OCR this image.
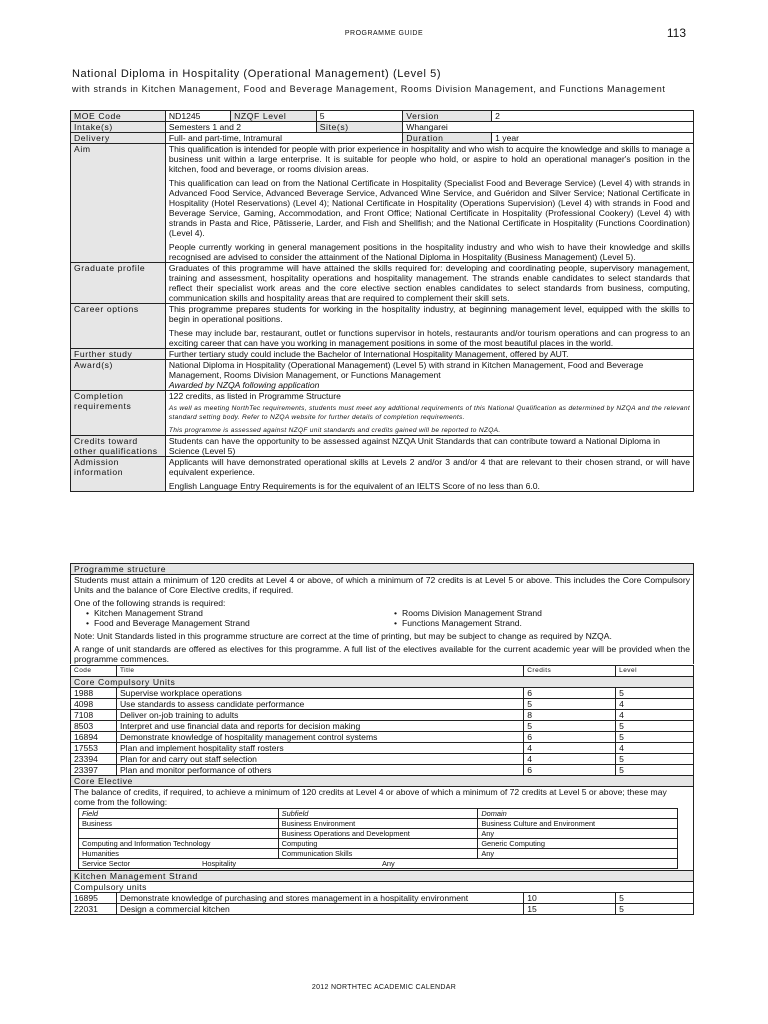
PROGRAMME GUIDE	113
National Diploma in Hospitality (Operational Management) (Level 5)
with strands in Kitchen Management, Food and Beverage Management, Rooms Division Management, and Functions Management
MOE Code	ND1245	NZQF Level	5	Version	2
Intake(s)	Semesters 1 and 2		Site(s)	Whangarei	
Delivery	Full- and part-time, Intramural			Duration	1 year
Aim	This qualification is intended for people with prior experience in hospitality and who wish to acquire the knowledge and skills to manage a business unit within a large enterprise. It is suitable for people who hold, or aspire to hold an operational manager's position in the kitchen, food and beverage, or rooms division areas.

This qualification can lead on from the National Certificate in Hospitality (Specialist Food and Beverage Service) (Level 4) with strands in Advanced Food Service, Advanced Beverage Service, Advanced Wine Service, and Guéridon and Silver Service; National Certificate in Hospitality (Hotel Reservations) (Level 4); National Certificate in Hospitality (Operations Supervision) (Level 4) with strands in Food and Beverage Service, Gaming, Accommodation, and Front Office; National Certificate in Hospitality (Professional Cookery) (Level 4) with strands in Pasta and Rice, Pâtisserie, Larder, and Fish and Shellfish; and the National Certificate in Hospitality (Functions Coordination) (Level 4).

People currently working in general management positions in the hospitality industry and who wish to have their knowledge and skills recognised are advised to consider the attainment of the National Diploma in Hospitality (Business Management) (Level 5).				

Graduate profile	Graduates of this programme will have attained the skills required for: developing and coordinating people, supervisory management, training and assessment, hospitality operations and hospitality management. The strands enable candidates to select standards that reflect their specialist work areas and the core elective section enables candidates to select standards from business, computing, communication skills and hospitality areas that are required to complement their skill sets.				
Career options	This programme prepares students for working in the hospitality industry, at beginning management level, equipped with the skills to begin in operational positions.

These may include bar, restaurant, outlet or functions supervisor in hotels, restaurants and/or tourism operations and can progress to an exciting career that can have you working in management positions in some of the most beautiful places in the world.				

Further study	Further tertiary study could include the Bachelor of International Hospitality Management, offered by AUT.				
Award(s)	National Diploma in Hospitality (Operational Management) (Level 5) with strand in Kitchen Management, Food and Beverage Management, Rooms Division Management, or Functions Management
Awarded by NZQA following application				

Completion requirements	122 credits, as listed in Programme Structure
As well as meeting NorthTec requirements, students must meet any additional requirements of this National Qualification as determined by NZQA and the relevant standard setting body. Refer to NZQA website for further details of completion requirements.
This programme is assessed against NZQF unit standards and credits gained will be reported to NZQA.				

Credits toward other qualifications	Students can have the opportunity to be assessed against NZQA Unit Standards that can contribute toward a National Diploma in Science (Level 5)				
Admission information	Applicants will have demonstrated operational skills at Levels 2 and/or 3 and/or 4 that are relevant to their chosen strand, or will have equivalent experience.

English Language Entry Requirements is for the equivalent of an IELTS Score of no less than 6.0.				

Programme structure

Students must attain a minimum of 120 credits at Level 4 or above, of which a minimum of 72 credits is at Level 5 or above. This includes the Core Compulsory Units and the balance of Core Elective credits, if required.

One of the following strands is required:

• Kitchen Management Strand
• Food and Beverage Management Strand
• Rooms Division Management Strand
• Functions Management Strand.

Note: Unit Standards listed in this programme structure are correct at the time of printing, but may be subject to change as required by NZQA.

A range of unit standards are offered as electives for this programme. A full list of the electives available for the current academic year will be provided when the programme commences.

Code	Title	Credits	Level
Core Compulsory Units
1988	Supervise workplace operations	6	5
4098	Use standards to assess candidate performance	5	4
7108	Deliver on-job training to adults	8	4
8503	Interpret and use financial data and reports for decision making	5	5
16894	Demonstrate knowledge of hospitality management control systems	6	5
17553	Plan and implement hospitality staff rosters	4	4
23394	Plan for and carry out staff selection	4	5
23397	Plan and monitor performance of others	6	5
Core Elective

The balance of credits, if required, to achieve a minimum of 120 credits at Level 4 or above of which a minimum of 72 credits at Level 5 or above; these may come from the following:
Field	Subfield	Domain
Business	Business Environment	Business Culture and Environment
	Business Operations and Development	Any
Computing and Information Technology	Computing	Generic Computing
Humanities	Communication Skills	Any
Service Sector	Hospitality	Any

Kitchen Management Strand
Compulsory units
16895	Demonstrate knowledge of purchasing and stores management in a hospitality environment	10	5
22031	Design a commercial kitchen	15	5
2012 NORTHTEC ACADEMIC CALENDAR
